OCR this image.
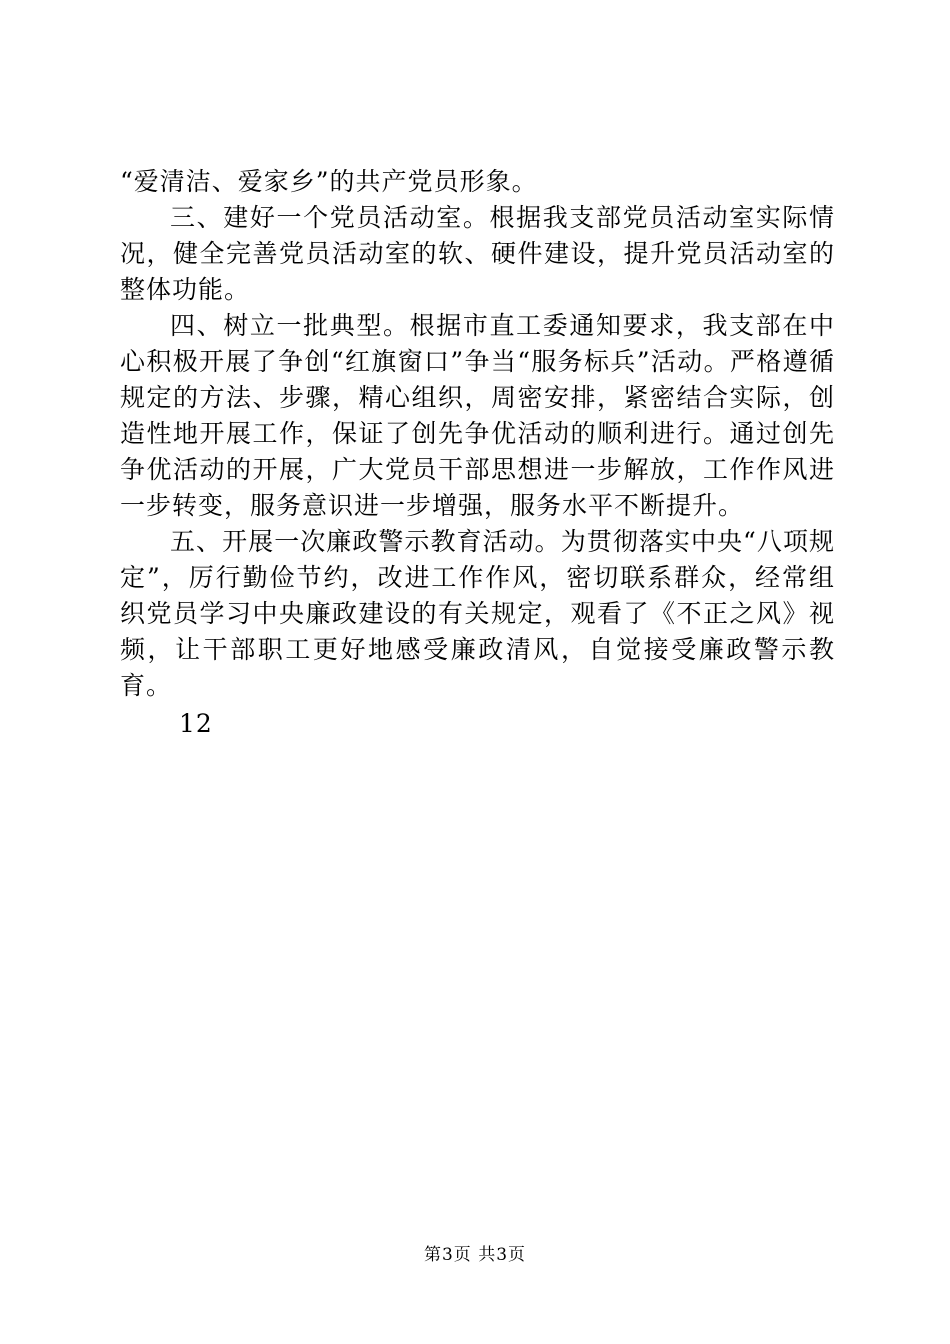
“爱清洁、爱家乡”的共产党员形象。

三、建好一个党员活动室。根据我支部党员活动室实际情况，健全完善党员活动室的软、硬件建设，提升党员活动室的整体功能。

四、树立一批典型。根据市直工委通知要求，我支部在中心积极开展了争创“红旗窗口”争当“服务标兵”活动。严格遵循规定的方法、步骤，精心组织，周密安排，紧密结合实际，创造性地开展工作，保证了创先争优活动的顺利进行。通过创先争优活动的开展，广大党员干部思想进一步解放，工作作风进一步转变，服务意识进一步增强，服务水平不断提升。

五、开展一次廉政警示教育活动。为贯彻落实中央“八项规定”，厉行勤俭节约，改进工作作风，密切联系群众，经常组织党员学习中央廉政建设的有关规定，观看了《不正之风》视频，让干部职工更好地感受廉政清风，自觉接受廉政警示教育。

12

第3页 共3页
